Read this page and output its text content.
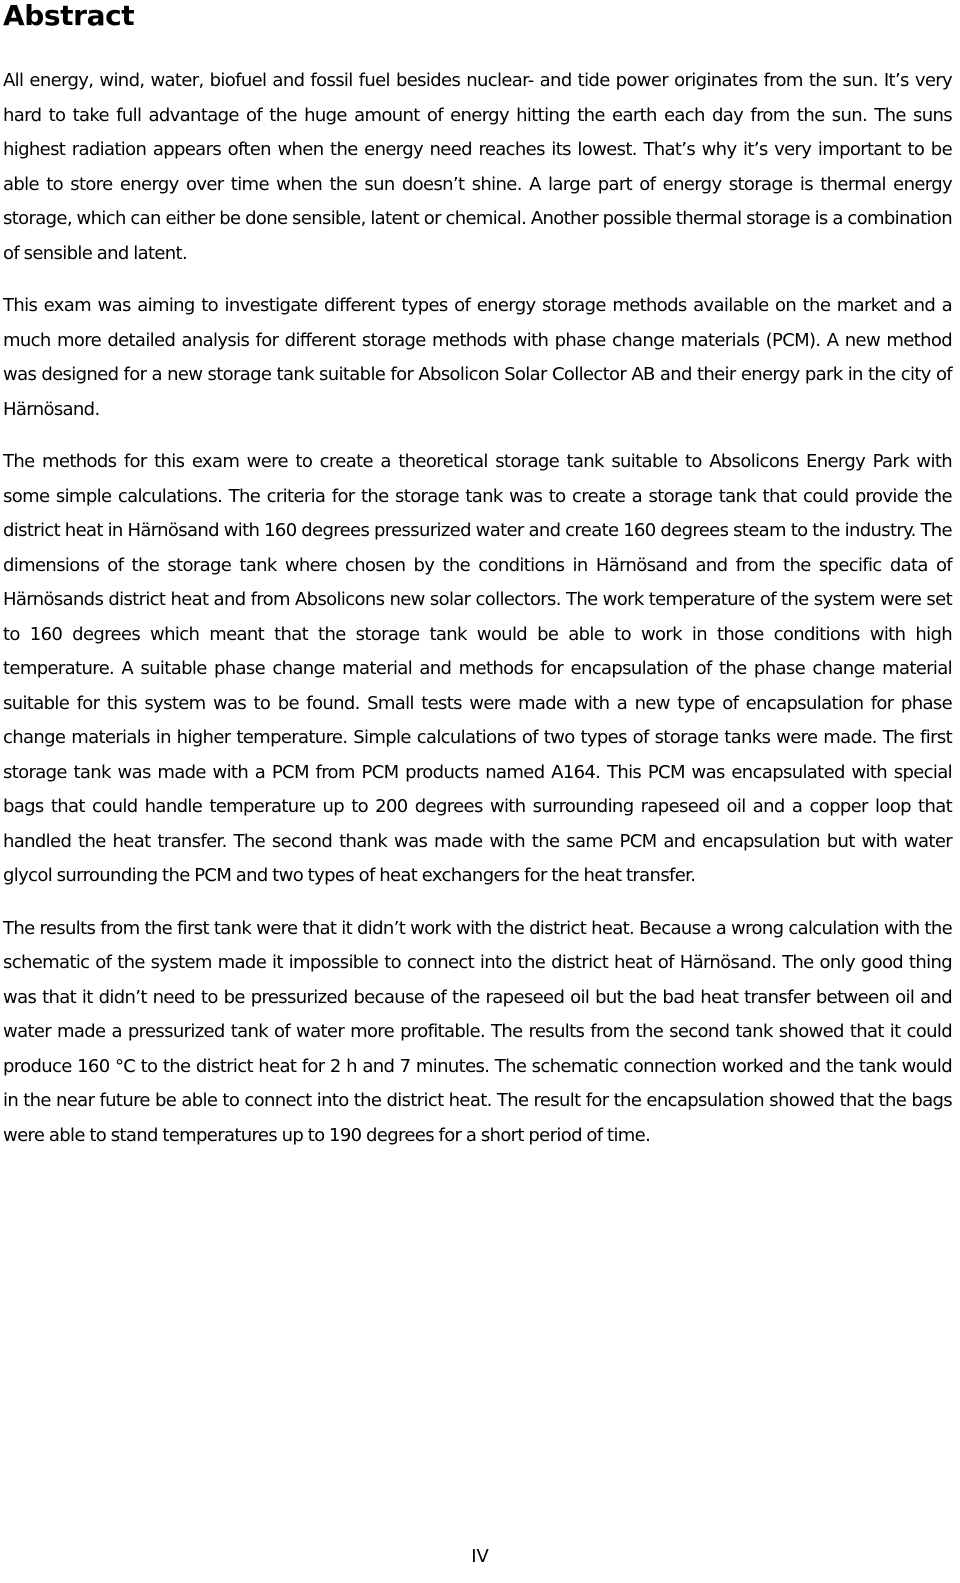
Abstract

All energy, wind, water, biofuel and fossil fuel besides nuclear- and tide power originates from the sun. It’s very hard to take full advantage of the huge amount of energy hitting the earth each day from the sun. The suns highest radiation appears often when the energy need reaches its lowest. That’s why it’s very important to be able to store energy over time when the sun doesn’t shine. A large part of energy storage is thermal energy storage, which can either be done sensible, latent or chemical. Another possible thermal storage is a combination of sensible and latent.

This exam was aiming to investigate different types of energy storage methods available on the market and a much more detailed analysis for different storage methods with phase change materials (PCM). A new method was designed for a new storage tank suitable for Absolicon Solar Collector AB and their energy park in the city of Härnösand.

The methods for this exam were to create a theoretical storage tank suitable to Absolicons Energy Park with some simple calculations. The criteria for the storage tank was to create a storage tank that could provide the district heat in Härnösand with 160 degrees pressurized water and create 160 degrees steam to the industry. The dimensions of the storage tank where chosen by the conditions in Härnösand and from the specific data of Härnösands district heat and from Absolicons new solar collectors. The work temperature of the system were set to 160 degrees which meant that the storage tank would be able to work in those conditions with high temperature. A suitable phase change material and methods for encapsulation of the phase change material suitable for this system was to be found. Small tests were made with a new type of encapsulation for phase change materials in higher temperature. Simple calculations of two types of storage tanks were made. The first storage tank was made with a PCM from PCM products named A164. This PCM was encapsulated with special bags that could handle temperature up to 200 degrees with surrounding rapeseed oil and a copper loop that handled the heat transfer. The second thank was made with the same PCM and encapsulation but with water glycol surrounding the PCM and two types of heat exchangers for the heat transfer.

The results from the first tank were that it didn’t work with the district heat. Because a wrong calculation with the schematic of the system made it impossible to connect into the district heat of Härnösand. The only good thing was that it didn’t need to be pressurized because of the rapeseed oil but the bad heat transfer between oil and water made a pressurized tank of water more profitable. The results from the second tank showed that it could produce 160 °C to the district heat for 2 h and 7 minutes. The schematic connection worked and the tank would in the near future be able to connect into the district heat. The result for the encapsulation showed that the bags were able to stand temperatures up to 190 degrees for a short period of time.

IV
